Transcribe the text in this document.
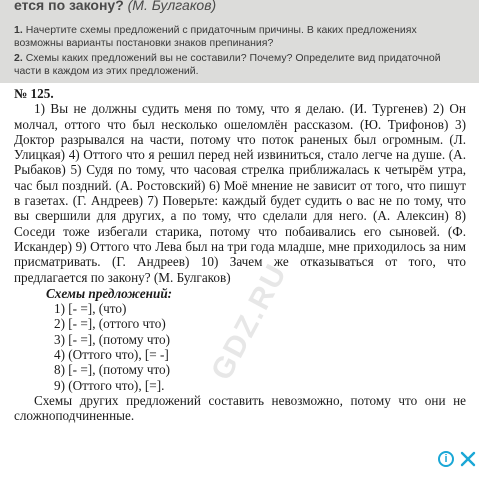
ется по закону? (М. Булгаков)
1. Начертите схемы предложений с придаточным причины. В каких предложениях возможны варианты постановки знаков препинания?
2. Схемы каких предложений вы не составили? Почему? Определите вид придаточной части в каждом из этих предложений.
№ 125.

1) Вы не должны судить меня по тому, что я делаю. (И. Тургенев) 2) Он молчал, оттого что был несколько ошеломлён рассказом. (Ю. Трифонов) 3) Доктор разрывался на части, потому что поток раненых был огромным. (Л. Улицкая) 4) Оттого что я решил перед ней извиниться, стало легче на душе. (А. Рыбаков) 5) Судя по тому, что часовая стрелка приближалась к четырём утра, час был поздний. (А. Ростовский) 6) Моё мнение не зависит от того, что пишут в газетах. (Г. Андреев) 7) Поверьте: каждый будет судить о вас не по тому, что вы свершили для других, а по тому, что сделали для него. (А. Алексин) 8) Соседи тоже избегали старика, потому что побаивались его сыновей. (Ф. Искандер) 9) Оттого что Лева был на три года младше, мне приходилось за ним присматривать. (Г. Андреев) 10) Зачем же отказываться от того, что предлагается по закону? (М. Булгаков)

Схемы предложений:
1) [- =], (что)
2) [- =], (оттого что)
3) [- =], (потому что)
4) (Оттого что), [= -]
8) [- =], (потому что)
9) (Оттого что), [=].

Схемы других предложений составить невозможно, потому что они не сложноподчиненные.

GDZ.RU
i
